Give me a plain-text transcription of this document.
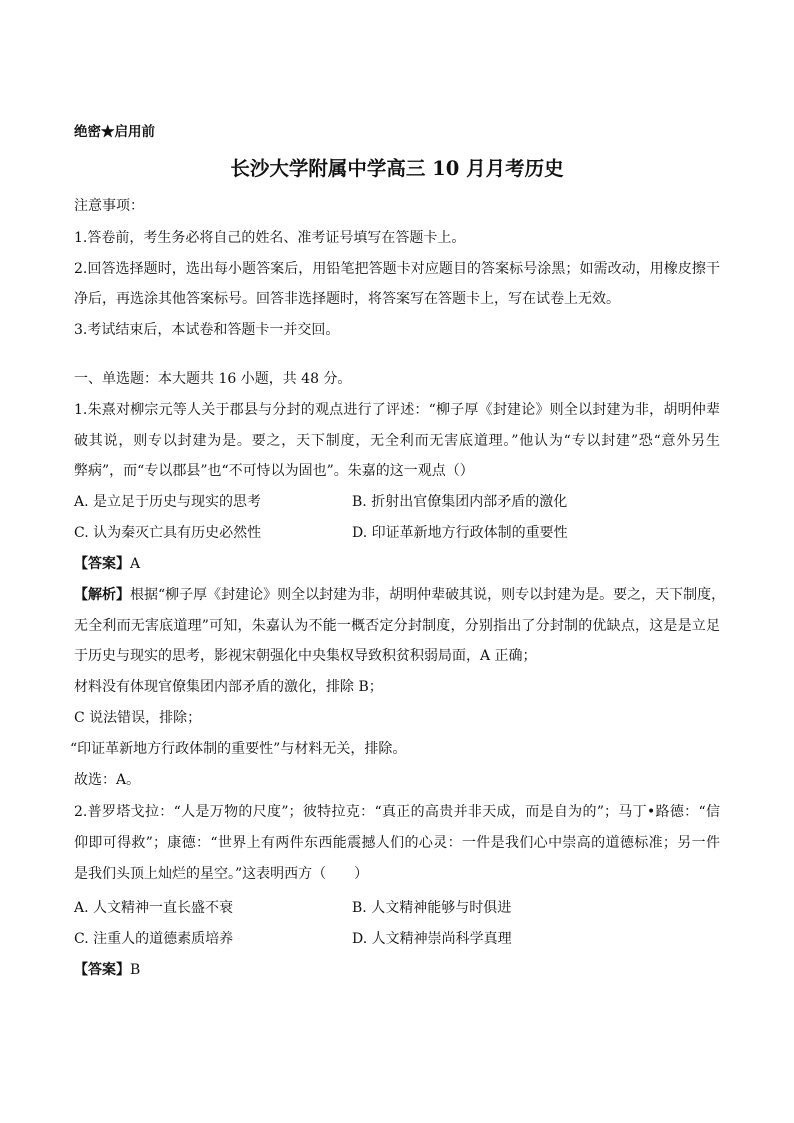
绝密★启用前
长沙大学附属中学高三 10 月月考历史
注意事项：
1.答卷前，考生务必将自己的姓名、准考证号填写在答题卡上。
2.回答选择题时，选出每小题答案后，用铅笔把答题卡对应题目的答案标号涂黑；如需改动，用橡皮擦干
净后，再选涂其他答案标号。回答非选择题时，将答案写在答题卡上，写在试卷上无效。
3.考试结束后，本试卷和答题卡一并交回。
一、单选题：本大题共 16 小题，共 48 分。
1.朱熹对柳宗元等人关于郡县与分封的观点进行了评述：“柳子厚《封建论》则全以封建为非，胡明仲辈
破其说，则专以封建为是。要之，天下制度，无全利而无害底道理。”他认为“专以封建”恐“意外另生
弊病”，而“专以郡县”也“不可恃以为固也”。朱嘉的这一观点（）
A. 是立足于历史与现实的思考	B. 折射出官僚集团内部矛盾的激化
C. 认为秦灭亡具有历史必然性	D. 印证革新地方行政体制的重要性
【答案】A
【解析】根据“柳子厚《封建论》则全以封建为非，胡明仲辈破其说，则专以封建为是。要之，天下制度，
无全利而无害底道理”可知，朱嘉认为不能一概否定分封制度，分别指出了分封制的优缺点，这是是立足
于历史与现实的思考，影视宋朝强化中央集权导致积贫积弱局面，A 正确；
材料没有体现官僚集团内部矛盾的激化，排除 B；
C 说法错误，排除；
“印证革新地方行政体制的重要性”与材料无关，排除。
故选：A。
2.普罗塔戈拉：“人是万物的尺度”；彼特拉克：“真正的高贵并非天成，而是自为的”；马丁•路德：“信
仰即可得救”；康德：“世界上有两件东西能震撼人们的心灵：一件是我们心中崇高的道德标准；另一件
是我们头顶上灿烂的星空。”这表明西方（　　）
A. 人文精神一直长盛不衰	B. 人文精神能够与时俱进
C. 注重人的道德素质培养	D. 人文精神崇尚科学真理
【答案】B
